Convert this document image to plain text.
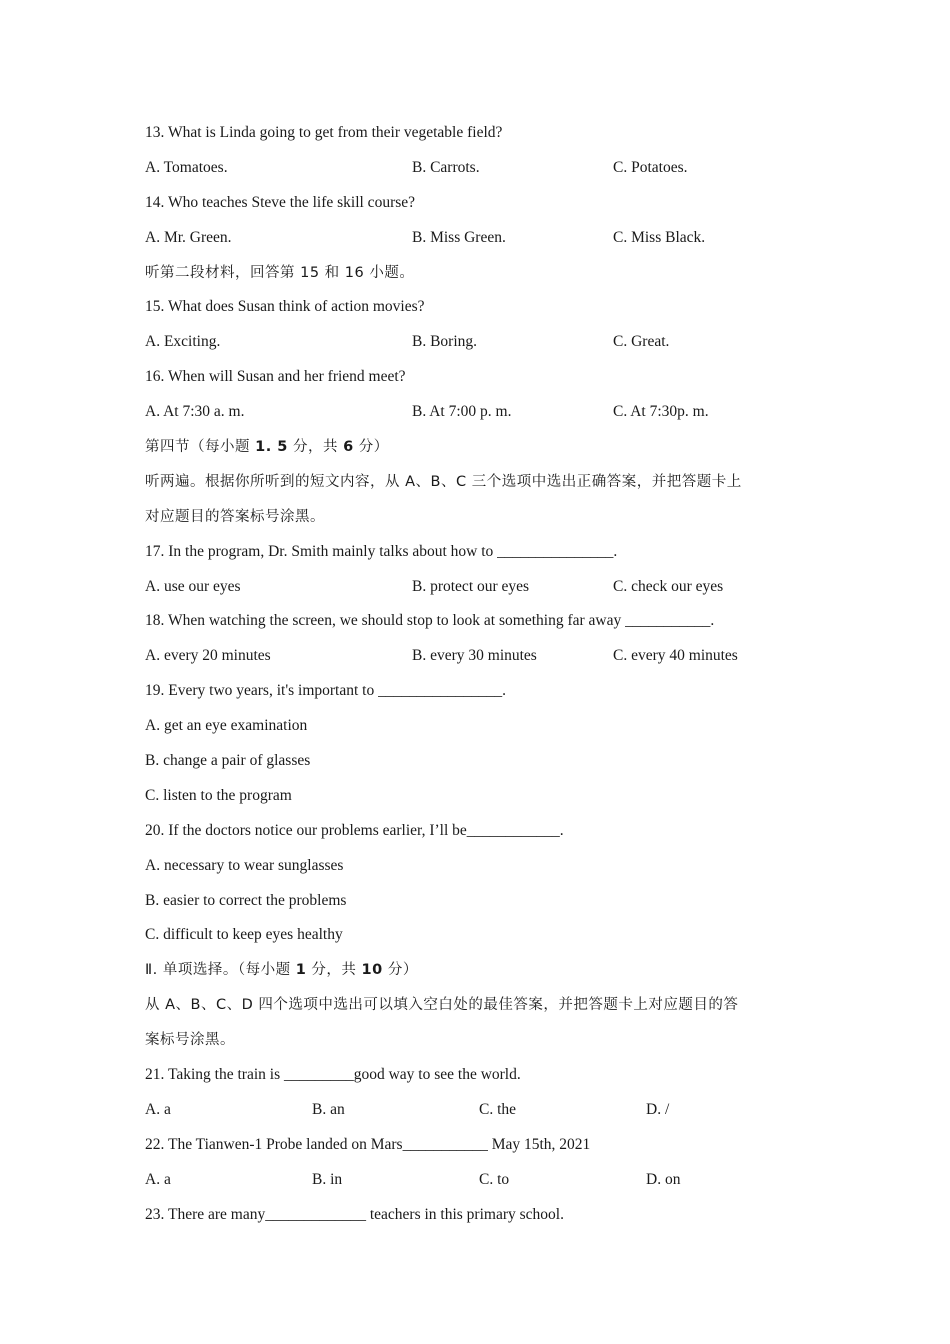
13. What is Linda going to get from their vegetable field?
A. Tomatoes.	B. Carrots.	C. Potatoes.
14. Who teaches Steve the life skill course?
A. Mr. Green.	B. Miss Green.	C. Miss Black.
听第二段材料，回答第 15 和 16 小题。
15. What does Susan think of action movies?
A. Exciting.	B. Boring.	C. Great.
16. When will Susan and her friend meet?
A. At 7:30 a. m.	B. At 7:00 p. m.	C. At 7:30p. m.
第四节（每小题 1. 5 分，共 6 分）
听两遍。根据你所听到的短文内容，从 A、B、C 三个选项中选出正确答案，并把答题卡上
对应题目的答案标号涂黑。
17. In the program, Dr. Smith mainly talks about how to _______________.
A. use our eyes	B. protect our eyes	C. check our eyes
18. When watching the screen, we should stop to look at something far away ___________.
A. every 20 minutes	B. every 30 minutes	C. every 40 minutes
19. Every two years, it's important to ________________.
A. get an eye examination
B. change a pair of glasses
C. listen to the program
20. If the doctors notice our problems earlier, I’ll be____________.
A. necessary to wear sunglasses
B. easier to correct the problems
C. difficult to keep eyes healthy
Ⅱ. 单项选择。（每小题 1 分，共 10 分）
从 A、B、C、D 四个选项中选出可以填入空白处的最佳答案，并把答题卡上对应题目的答
案标号涂黑。
21. Taking the train is _________good way to see the world.
A. a	B. an	C. the	D. /
22. The Tianwen-1 Probe landed on Mars___________ May 15th, 2021
A. a	B. in	C. to	D. on
23. There are many_____________ teachers in this primary school.
